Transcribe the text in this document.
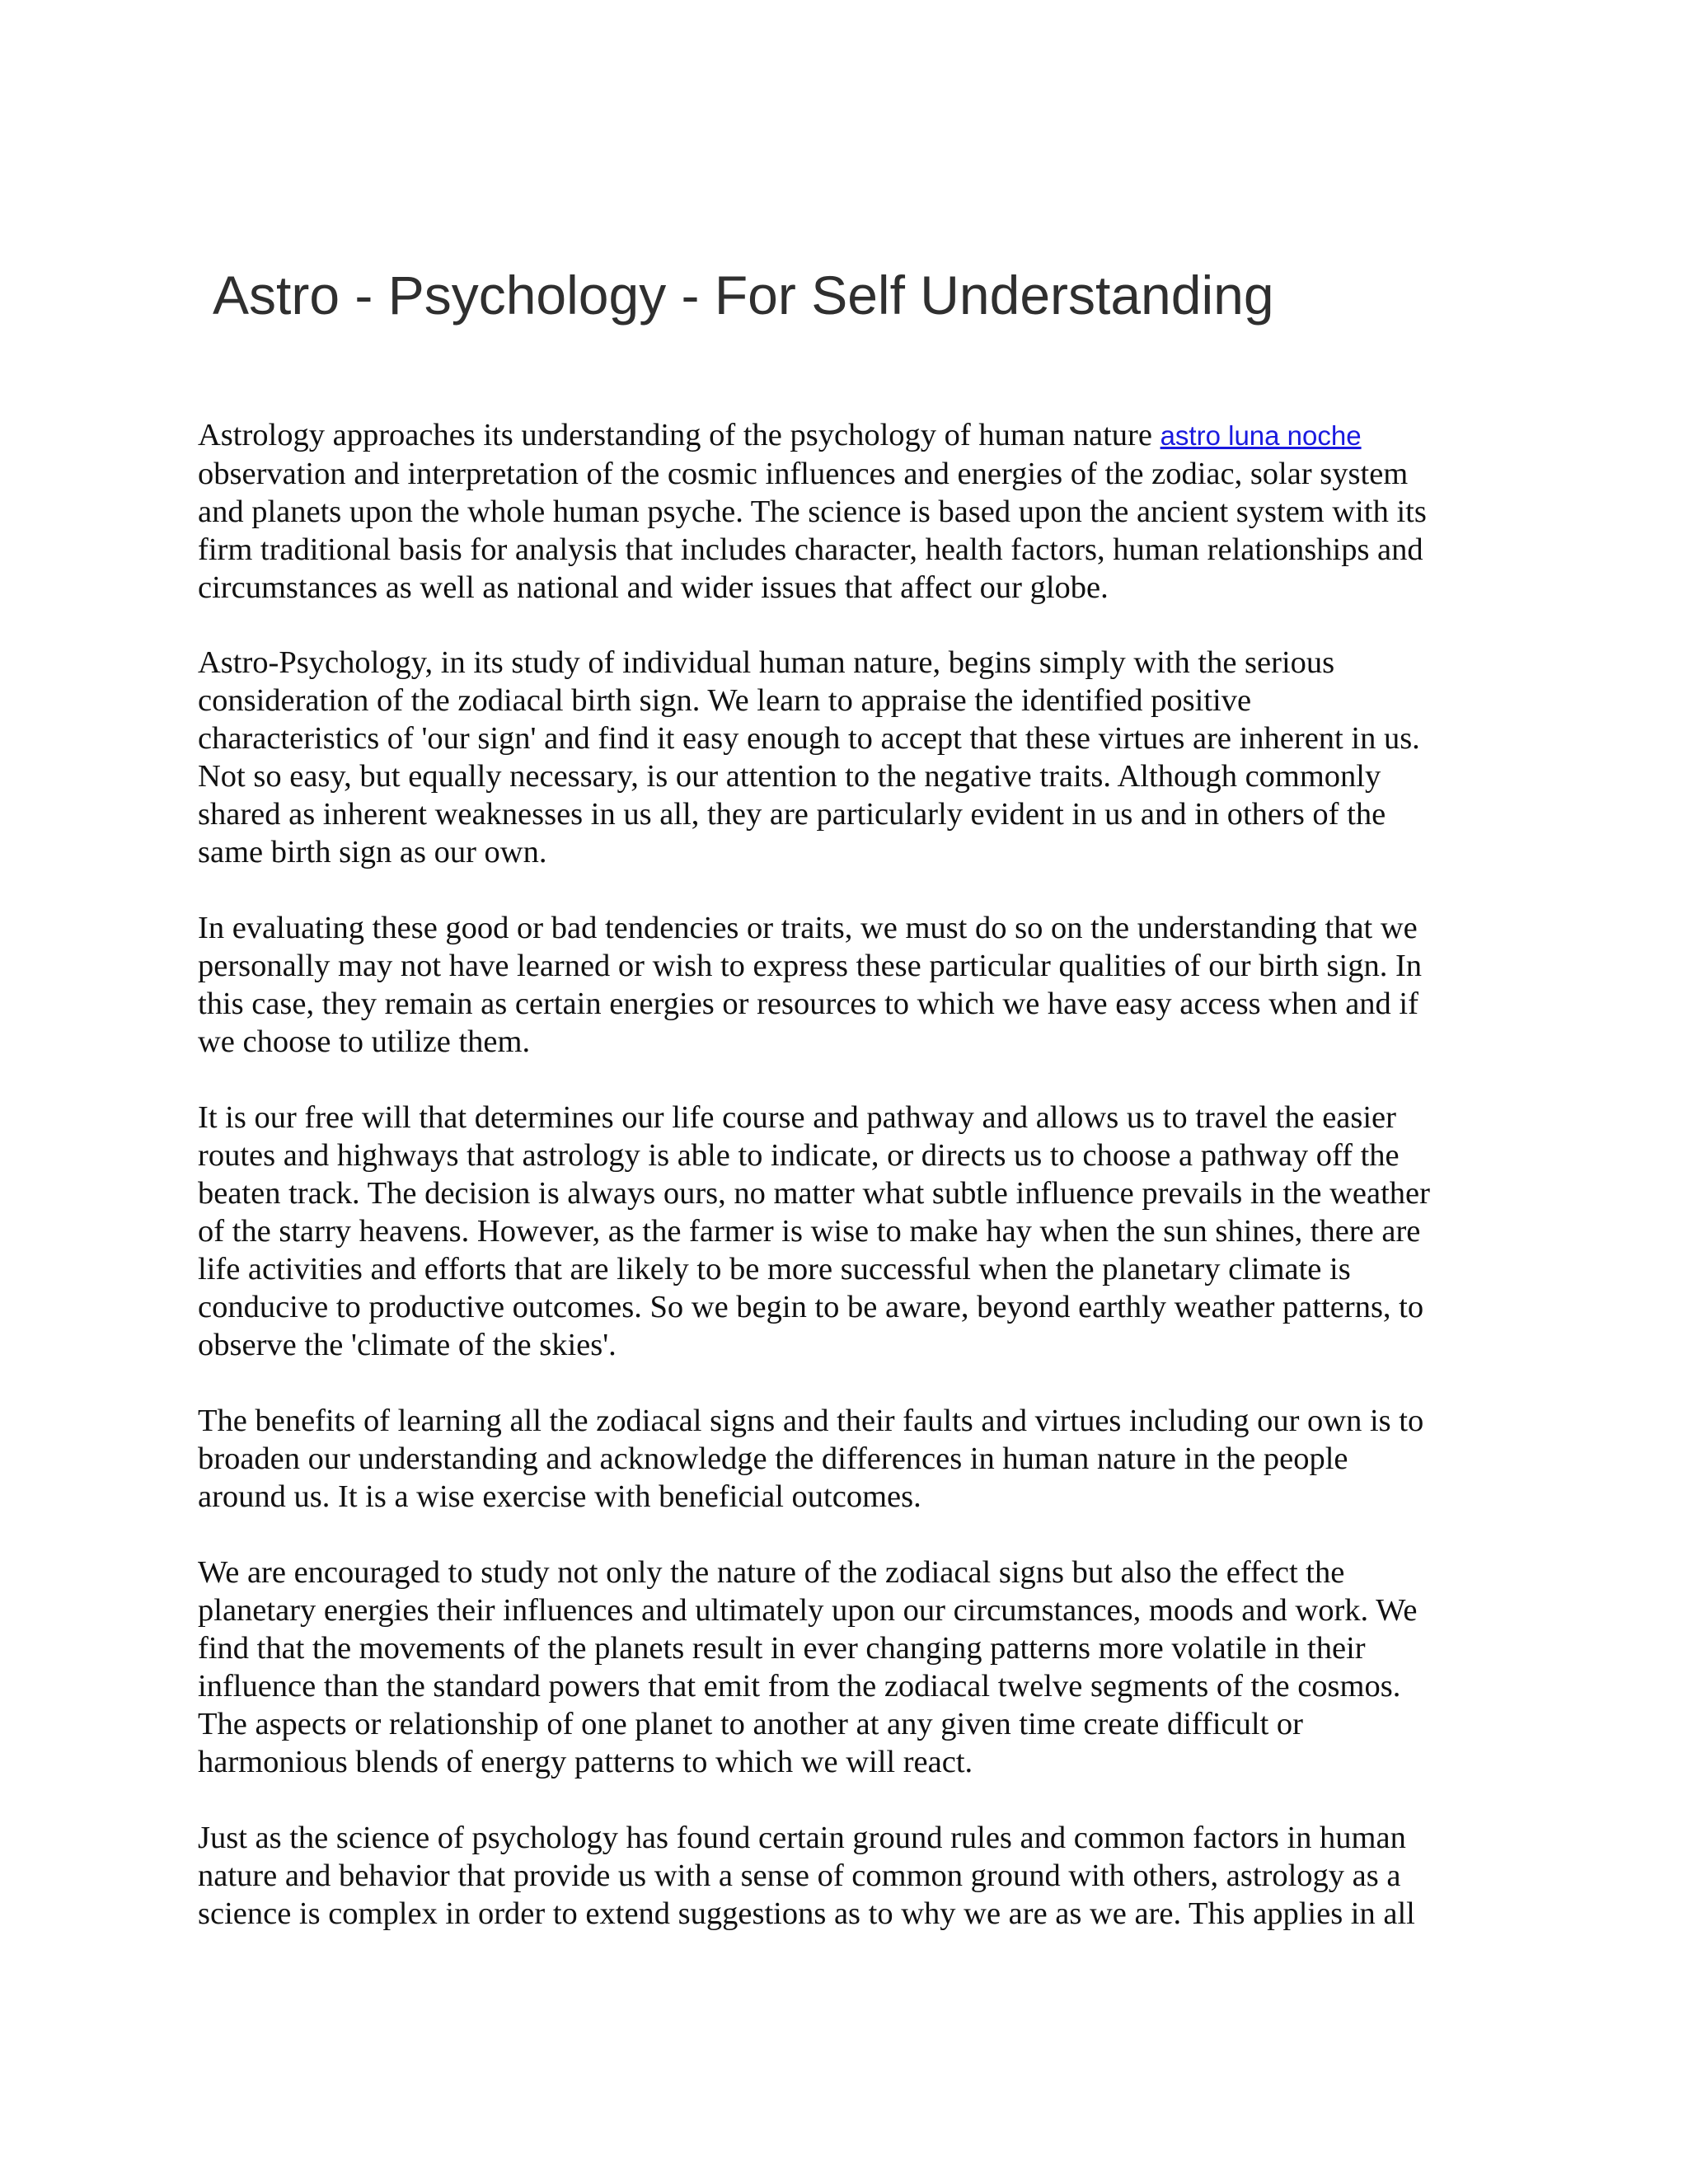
Astro - Psychology - For Self Understanding

Astrology approaches its understanding of the psychology of human nature astro luna noche
observation and interpretation of the cosmic influences and energies of the zodiac, solar system
and planets upon the whole human psyche. The science is based upon the ancient system with its
firm traditional basis for analysis that includes character, health factors, human relationships and
circumstances as well as national and wider issues that affect our globe.

Astro-Psychology, in its study of individual human nature, begins simply with the serious
consideration of the zodiacal birth sign. We learn to appraise the identified positive
characteristics of 'our sign' and find it easy enough to accept that these virtues are inherent in us.
Not so easy, but equally necessary, is our attention to the negative traits. Although commonly
shared as inherent weaknesses in us all, they are particularly evident in us and in others of the
same birth sign as our own.

In evaluating these good or bad tendencies or traits, we must do so on the understanding that we
personally may not have learned or wish to express these particular qualities of our birth sign. In
this case, they remain as certain energies or resources to which we have easy access when and if
we choose to utilize them.

It is our free will that determines our life course and pathway and allows us to travel the easier
routes and highways that astrology is able to indicate, or directs us to choose a pathway off the
beaten track. The decision is always ours, no matter what subtle influence prevails in the weather
of the starry heavens. However, as the farmer is wise to make hay when the sun shines, there are
life activities and efforts that are likely to be more successful when the planetary climate is
conducive to productive outcomes. So we begin to be aware, beyond earthly weather patterns, to
observe the 'climate of the skies'.

The benefits of learning all the zodiacal signs and their faults and virtues including our own is to
broaden our understanding and acknowledge the differences in human nature in the people
around us. It is a wise exercise with beneficial outcomes.

We are encouraged to study not only the nature of the zodiacal signs but also the effect the
planetary energies their influences and ultimately upon our circumstances, moods and work. We
find that the movements of the planets result in ever changing patterns more volatile in their
influence than the standard powers that emit from the zodiacal twelve segments of the cosmos.
The aspects or relationship of one planet to another at any given time create difficult or
harmonious blends of energy patterns to which we will react.

Just as the science of psychology has found certain ground rules and common factors in human
nature and behavior that provide us with a sense of common ground with others, astrology as a
science is complex in order to extend suggestions as to why we are as we are. This applies in all
